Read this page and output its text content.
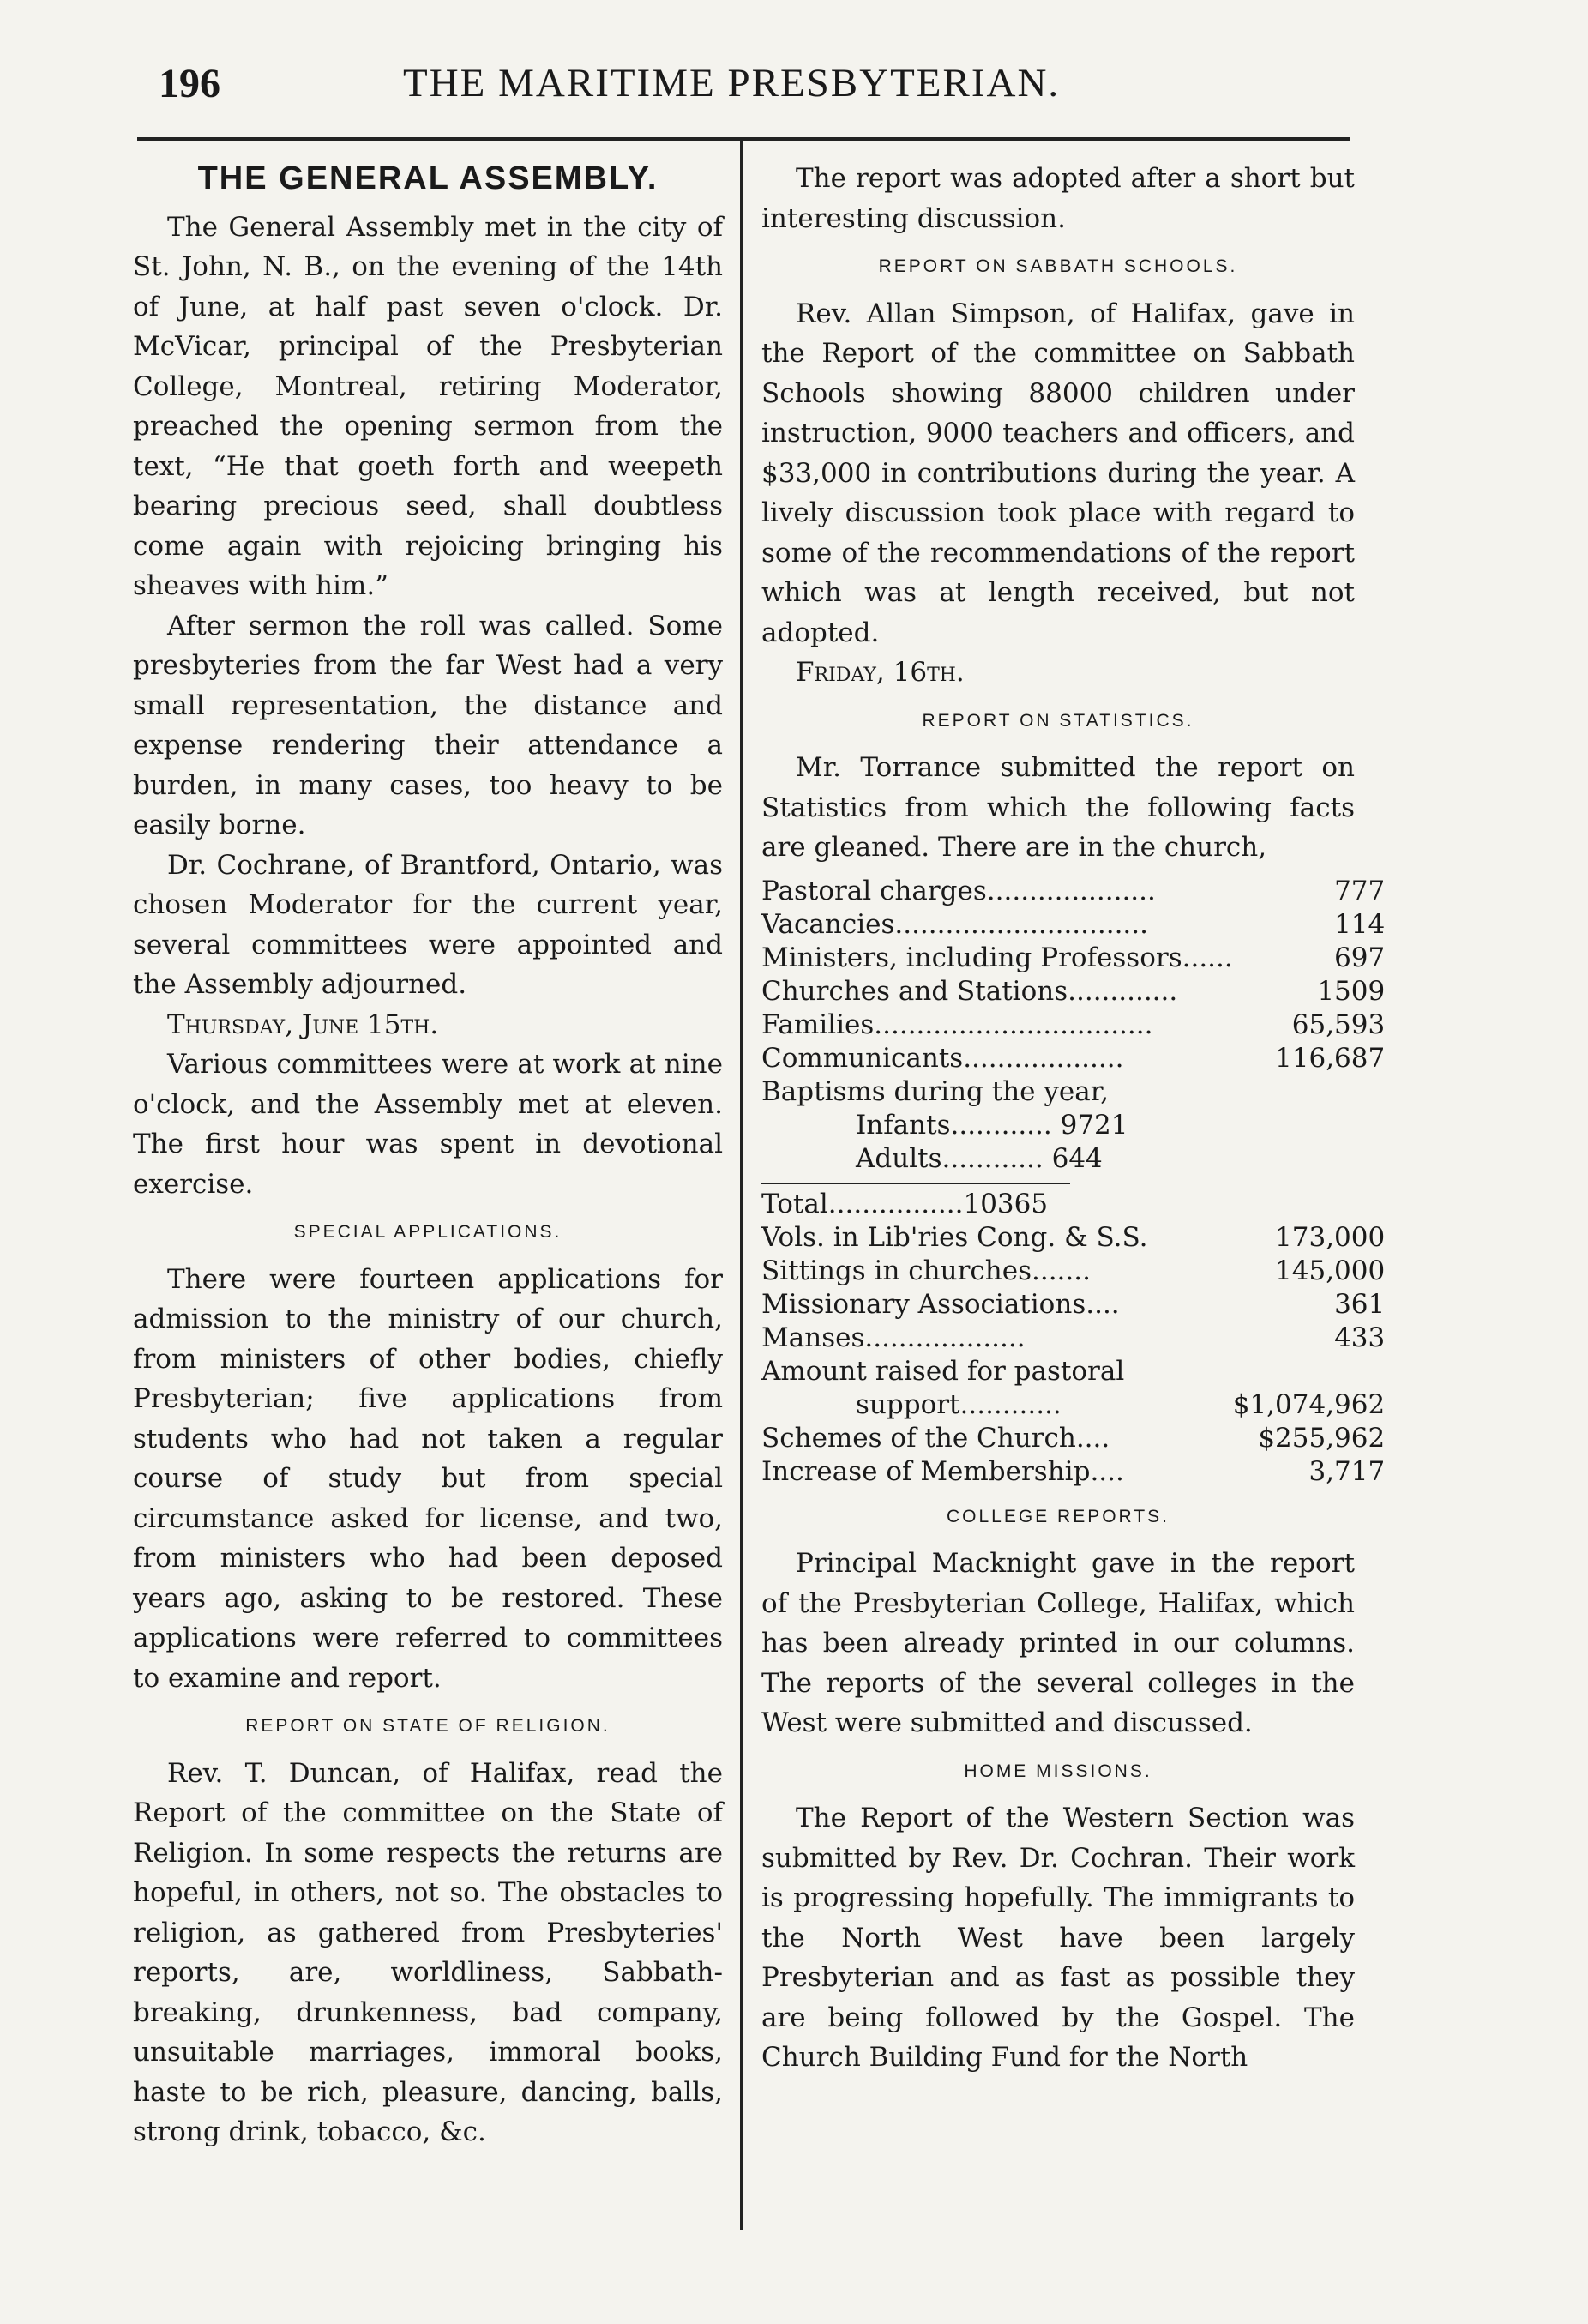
196	THE MARITIME PRESBYTERIAN.
THE GENERAL ASSEMBLY.

The General Assembly met in the city of St. John, N. B., on the evening of the 14th of June, at half past seven o'clock. Dr. McVicar, principal of the Presbyterian College, Montreal, retiring Moderator, preached the opening sermon from the text, “He that goeth forth and weepeth bearing precious seed, shall doubtless come again with rejoicing bringing his sheaves with him.”

After sermon the roll was called. Some presbyteries from the far West had a very small representation, the distance and expense rendering their attendance a burden, in many cases, too heavy to be easily borne.

Dr. Cochrane, of Brantford, Ontario, was chosen Moderator for the current year, several committees were appointed and the Assembly adjourned.

Thursday, June 15th.

Various committees were at work at nine o'clock, and the Assembly met at eleven. The first hour was spent in devotional exercise.

SPECIAL APPLICATIONS.

There were fourteen applications for admission to the ministry of our church, from ministers of other bodies, chiefly Presbyterian; five applications from students who had not taken a regular course of study but from special circumstance asked for license, and two, from ministers who had been deposed years ago, asking to be restored. These applications were referred to committees to examine and report.

REPORT ON STATE OF RELIGION.

Rev. T. Duncan, of Halifax, read the Report of the committee on the State of Religion. In some respects the returns are hopeful, in others, not so. The obstacles to religion, as gathered from Presbyteries' reports, are, worldliness, Sabbath-breaking, drunkenness, bad company, unsuitable marriages, immoral books, haste to be rich, pleasure, dancing, balls, strong drink, tobacco, &c.

The report was adopted after a short but interesting discussion.

REPORT ON SABBATH SCHOOLS.

Rev. Allan Simpson, of Halifax, gave in the Report of the committee on Sabbath Schools showing 88000 children under instruction, 9000 teachers and officers, and $33,000 in contributions during the year. A lively discussion took place with regard to some of the recommendations of the report which was at length received, but not adopted.

Friday, 16th.

REPORT ON STATISTICS.

Mr. Torrance submitted the report on Statistics from which the following facts are gleaned. There are in the church,

Pastoral charges....................	777
Vacancies..............................	114
Ministers, including Professors......	697
Churches and Stations.............	1509
Families.................................	65,593
Communicants...................	116,687
Baptisms during the year,	
Infants............ 9721	
Adults............ 644	

Total................10365	
Vols. in Lib'ries Cong. & S.S.	173,000
Sittings in churches.......	145,000
Missionary Associations....	361
Manses...................	433
Amount raised for pastoral	
support............	$1,074,962
Schemes of the Church....	$255,962
Increase of Membership....	3,717
COLLEGE REPORTS.

Principal Macknight gave in the report of the Presbyterian College, Halifax, which has been already printed in our columns. The reports of the several colleges in the West were submitted and discussed.

HOME MISSIONS.

The Report of the Western Section was submitted by Rev. Dr. Cochran. Their work is progressing hopefully. The immigrants to the North West have been largely Presbyterian and as fast as possible they are being followed by the Gospel. The Church Building Fund for the North
